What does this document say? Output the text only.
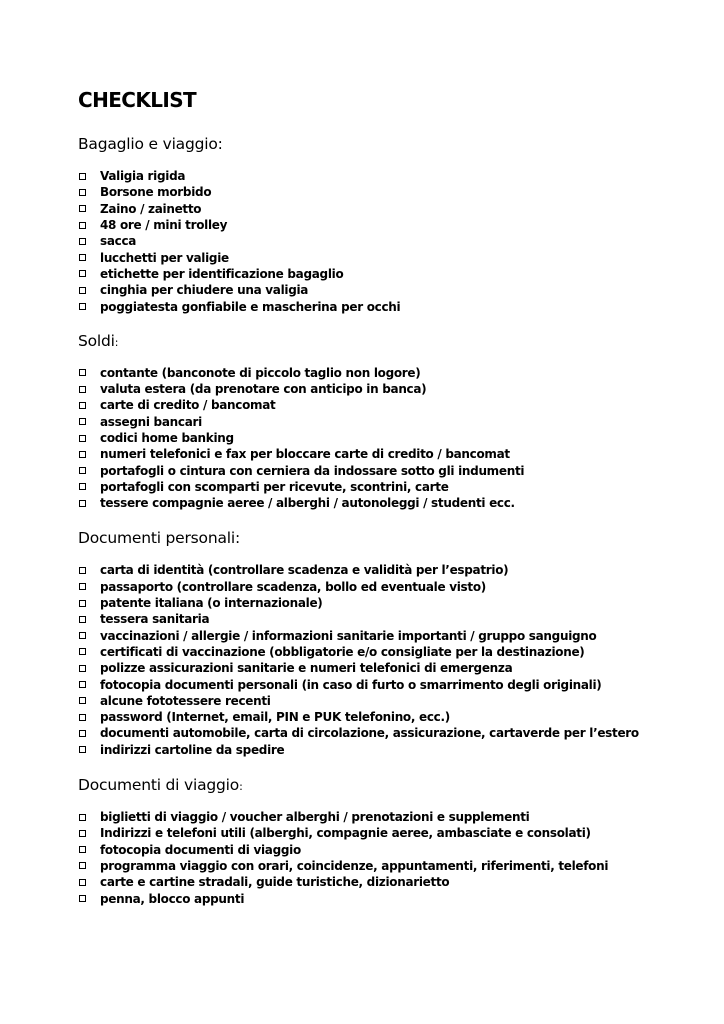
CHECKLIST
Bagaglio e viaggio:
Valigia rigida
Borsone morbido
Zaino / zainetto
48 ore / mini trolley
sacca
lucchetti per valigie
etichette per identificazione bagaglio
cinghia per chiudere una valigia
poggiatesta gonfiabile e mascherina per occhi
Soldi:
contante (banconote di piccolo taglio non logore)
valuta estera (da prenotare con anticipo in banca)
carte di credito / bancomat
assegni bancari
codici home banking
numeri telefonici e fax per bloccare carte di credito / bancomat
portafogli o cintura con cerniera da indossare sotto gli indumenti
portafogli con scomparti per ricevute, scontrini, carte
tessere compagnie aeree / alberghi / autonoleggi / studenti ecc.
Documenti personali:
carta di identità (controllare scadenza e validità per l’espatrio)
passaporto (controllare scadenza, bollo ed eventuale visto)
patente italiana (o internazionale)
tessera sanitaria
vaccinazioni / allergie / informazioni sanitarie importanti / gruppo sanguigno
certificati di vaccinazione (obbligatorie e/o consigliate per la destinazione)
polizze assicurazioni sanitarie e numeri telefonici di emergenza
fotocopia documenti personali (in caso di furto o smarrimento degli originali)
alcune fototessere recenti
password (Internet, email, PIN e PUK telefonino, ecc.)
documenti automobile, carta di circolazione, assicurazione, cartaverde per l’estero
indirizzi cartoline da spedire
Documenti di viaggio:
biglietti di viaggio / voucher alberghi / prenotazioni e supplementi
Indirizzi e telefoni utili (alberghi, compagnie aeree, ambasciate e consolati)
fotocopia documenti di viaggio
programma viaggio con orari, coincidenze, appuntamenti, riferimenti, telefoni
carte e cartine stradali, guide turistiche, dizionarietto
penna, blocco appunti
